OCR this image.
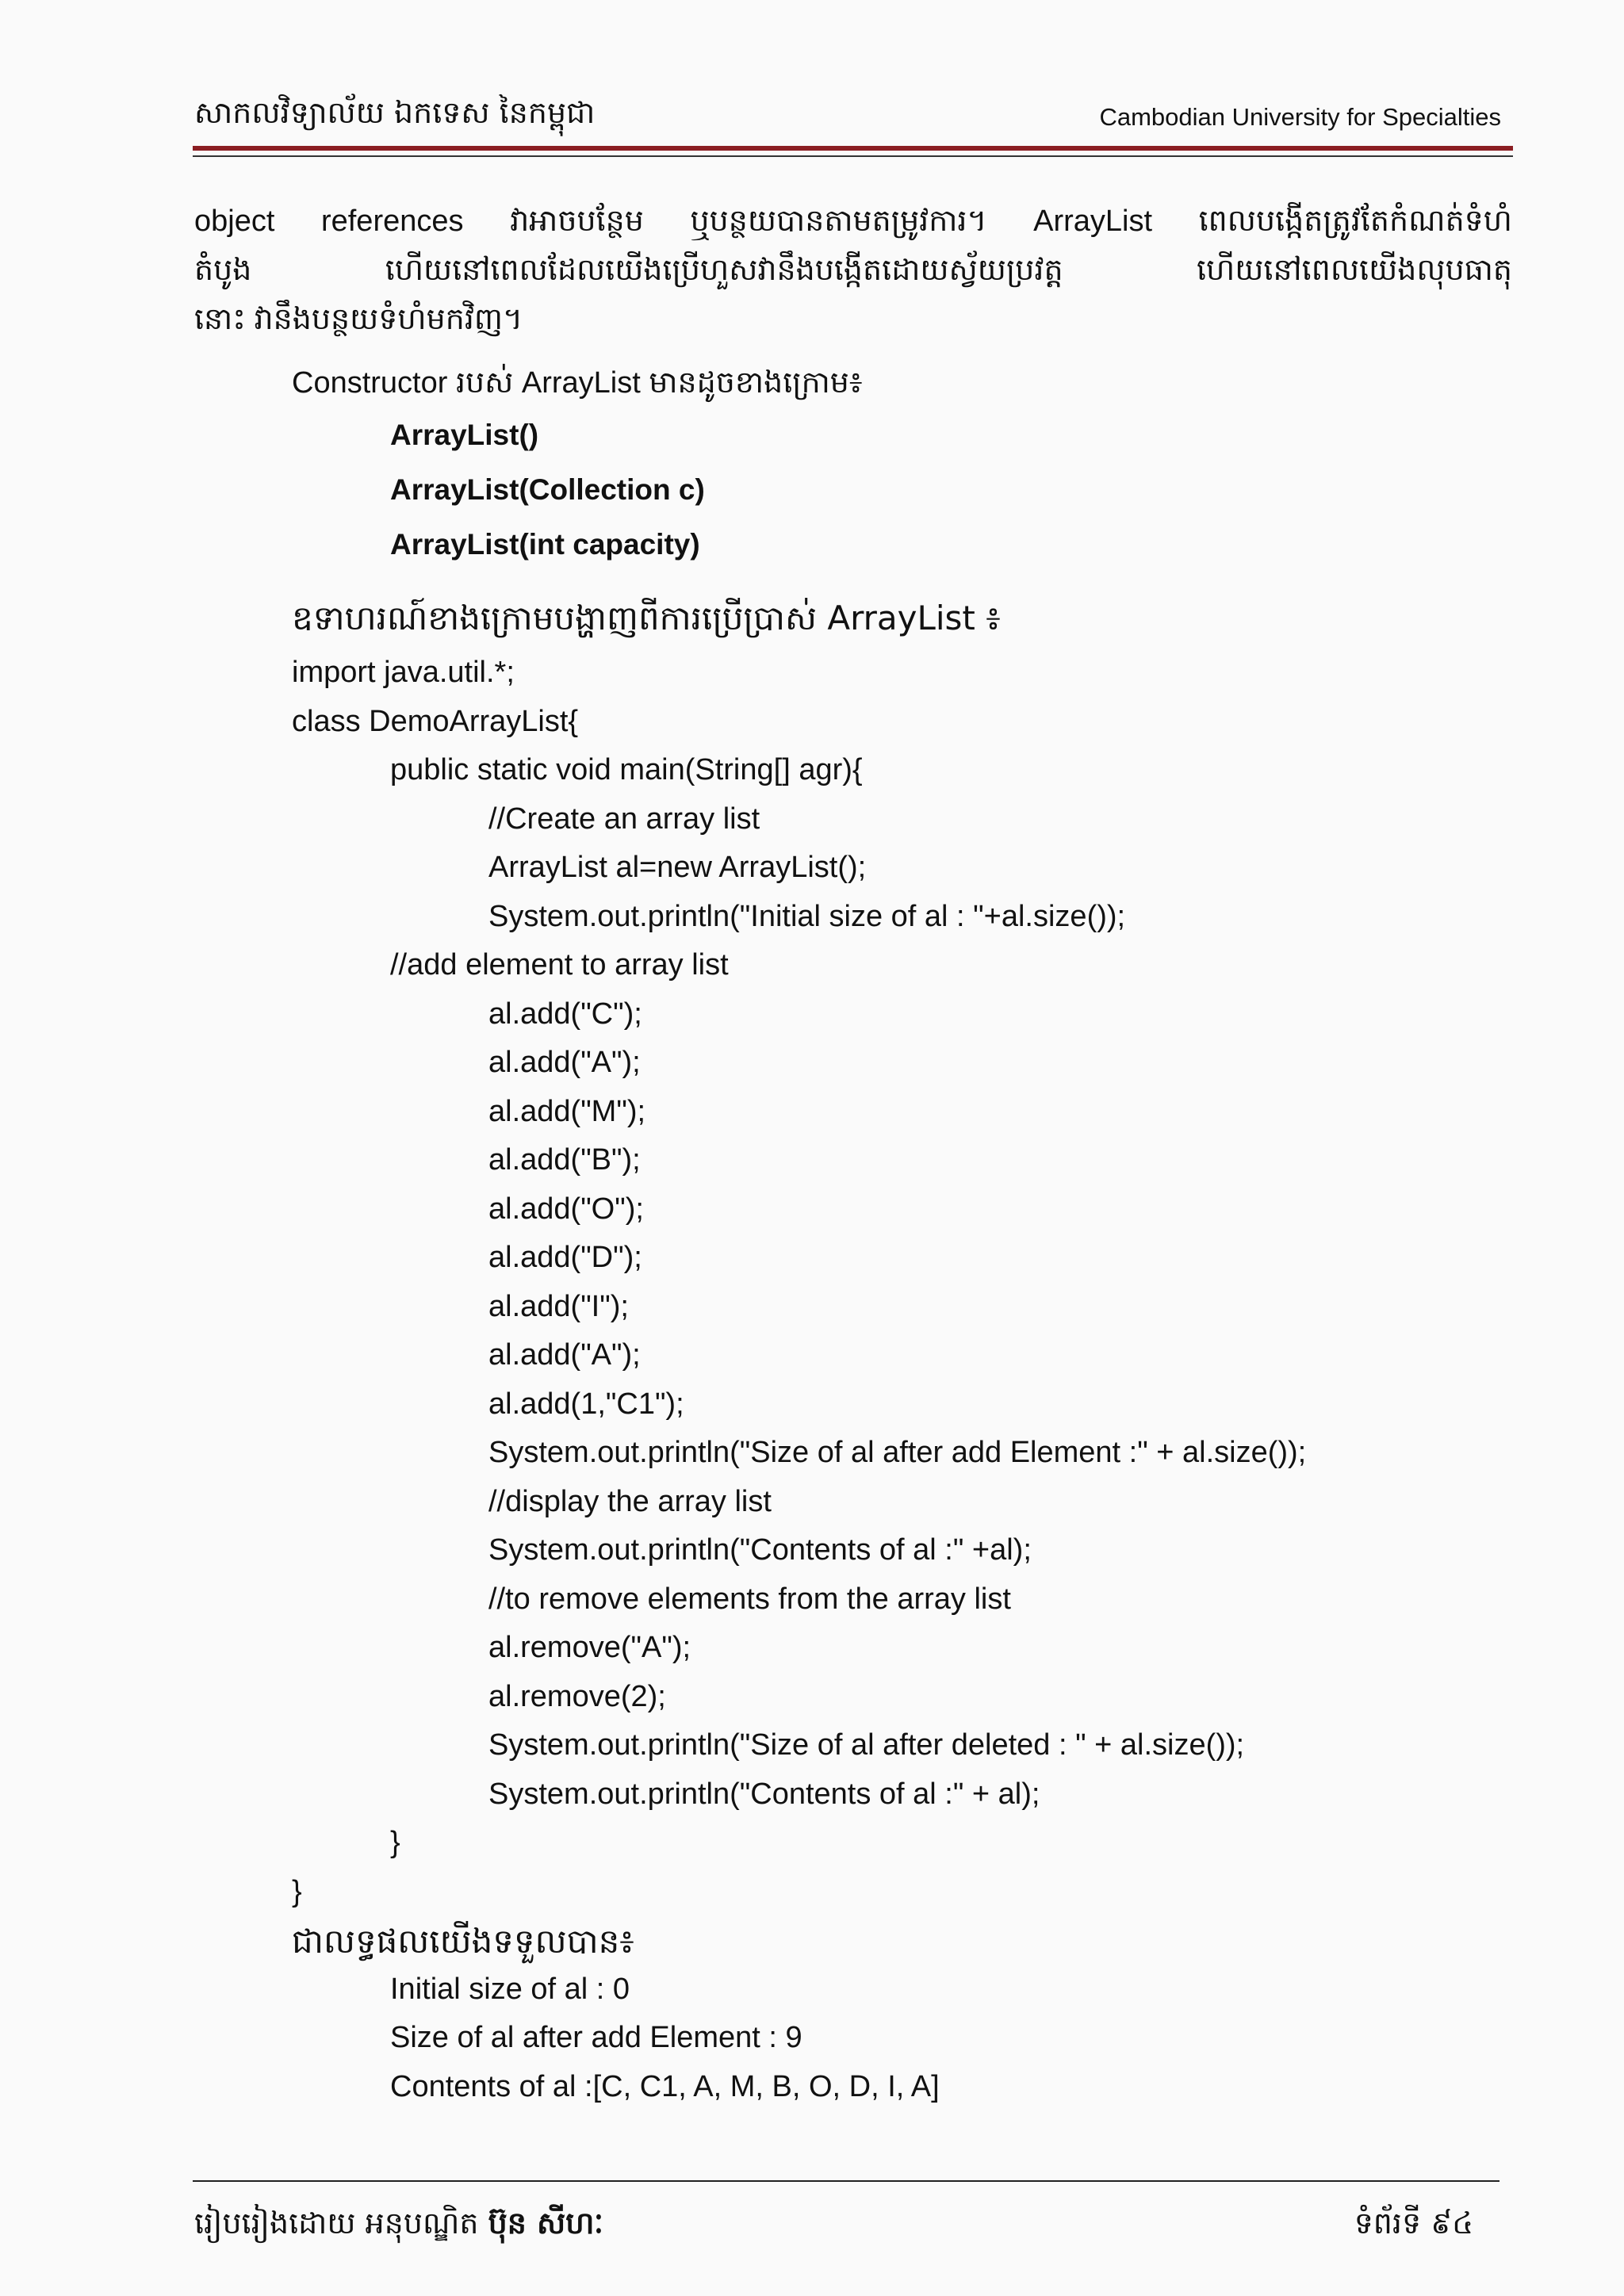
សាកលវិទ្យាល័យ ឯកទេស នៃកម្ពុជា	Cambodian University for Specialties
object references វាអាចបន្ថែម ឬបន្ថយបានតាមតម្រូវការ។ ArrayList ពេលបង្កើតត្រូវតែកំណត់ទំហំ
តំបូង ហើយនៅពេលដែលយើងប្រើហួសវានឹងបង្កើតដោយស្វ័យប្រវត្ត ហើយនៅពេលយើងលុបធាតុ
នោះ វានឹងបន្ថយទំហំមកវិញ។
Constructor របស់ ArrayList មានដូចខាងក្រោម៖
ArrayList()
ArrayList(Collection c)
ArrayList(int capacity)
ឧទាហរណ៍ខាងក្រោមបង្ហាញពីការប្រើប្រាស់ ArrayList ៖
import java.util.*;
class DemoArrayList{
public static void main(String[] agr){
//Create an array list
ArrayList al=new ArrayList();
System.out.println("Initial size of al : "+al.size());
//add element to array list
al.add("C");
al.add("A");
al.add("M");
al.add("B");
al.add("O");
al.add("D");
al.add("I");
al.add("A");
al.add(1,"C1");
System.out.println("Size of al after add Element :" + al.size());
//display the array list
System.out.println("Contents of al :" +al);
//to remove elements from the array list
al.remove("A");
al.remove(2);
System.out.println("Size of al after deleted : " + al.size());
System.out.println("Contents of al :" + al);
}
}
ជាលទ្ធផលយើងទទួលបាន៖
Initial size of al : 0
Size of al after add Element : 9
Contents of al :[C, C1, A, M, B, O, D, I, A]
រៀបរៀងដោយ អនុបណ្ឌិត ប៊ុន សីហៈ	ទំព័រទី ៩៤
